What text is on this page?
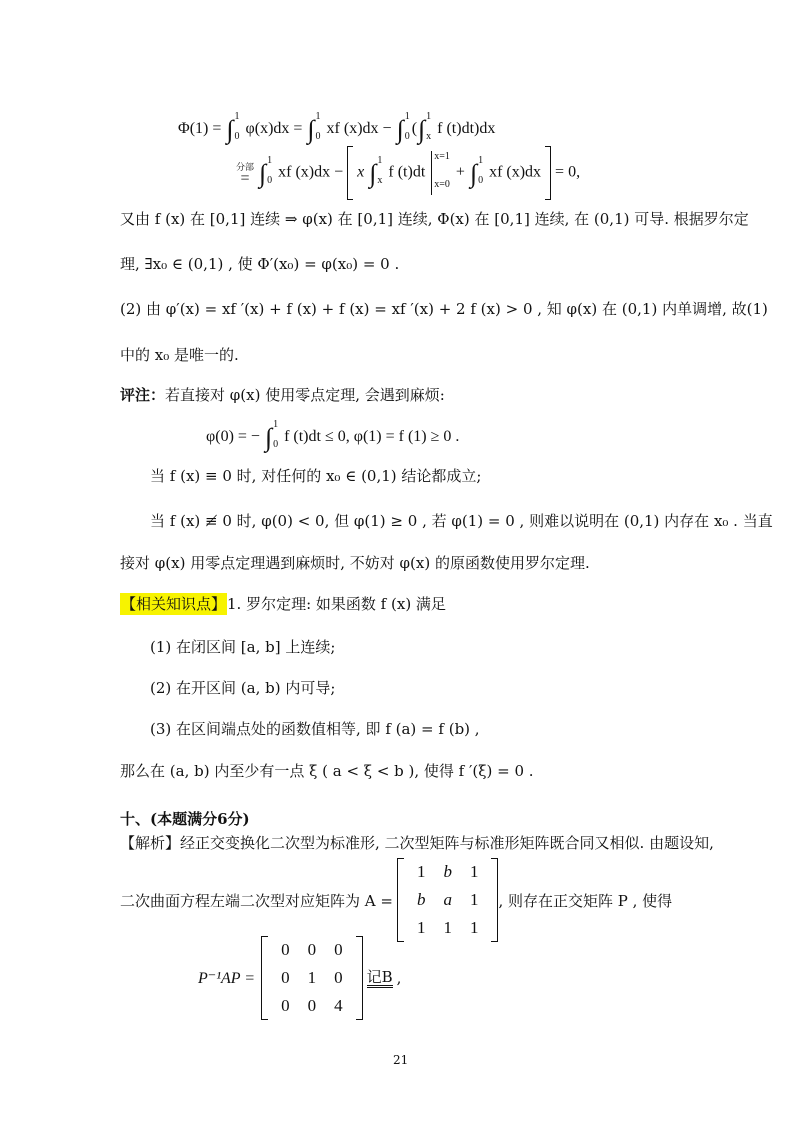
Φ(1) = ∫ 1
0 φ(x)dx = ∫ 1
0 xf (x)dx − ∫ 1
0 (∫ 1
x f (t)dt)dx
分部
= ∫ 1
0 xf (x)dx − x ∫ 1
x f (t)dt
x=1
x=0
+ ∫ 1
0 xf (x)dx = 0,
又由 f (x) 在 [0,1] 连续 ⇒ φ(x) 在 [0,1] 连续, Φ(x) 在 [0,1] 连续, 在 (0,1) 可导. 根据罗尔定
理, ∃x₀ ∈ (0,1) , 使 Φ′(x₀) = φ(x₀) = 0 .
(2) 由 φ′(x) = xf ′(x) + f (x) + f (x) = xf ′(x) + 2 f (x) > 0 , 知 φ(x) 在 (0,1) 内单调增, 故(1)
中的 x₀ 是唯一的.
评注：若直接对 φ(x) 使用零点定理, 会遇到麻烦:
φ(0) = − ∫ 1
0 f (t)dt ≤ 0, φ(1) = f (1) ≥ 0 .
当 f (x) ≡ 0 时, 对任何的 x₀ ∈ (0,1) 结论都成立;
当 f (x) ≢ 0 时, φ(0) < 0, 但 φ(1) ≥ 0 , 若 φ(1) = 0 , 则难以说明在 (0,1) 内存在 x₀ . 当直
接对 φ(x) 用零点定理遇到麻烦时, 不妨对 φ(x) 的原函数使用罗尔定理.
【相关知识点】1. 罗尔定理: 如果函数 f (x) 满足
(1) 在闭区间 [a, b] 上连续;
(2) 在开区间 (a, b) 内可导;
(3) 在区间端点处的函数值相等, 即 f (a) = f (b) ,
那么在 (a, b) 内至少有一点 ξ ( a < ξ < b ), 使得 f ′(ξ) = 0 .
十、(本题满分6分)
【解析】经正交变换化二次型为标准形, 二次型矩阵与标准形矩阵既合同又相似. 由题设知,
二次曲面方程左端二次型对应矩阵为 A =
1	b	1
b	a	1
1	1	1
, 则存在正交矩阵 P , 使得
P⁻¹AP =
0	0	0
0	1	0
0	0	4
记B ,
21
